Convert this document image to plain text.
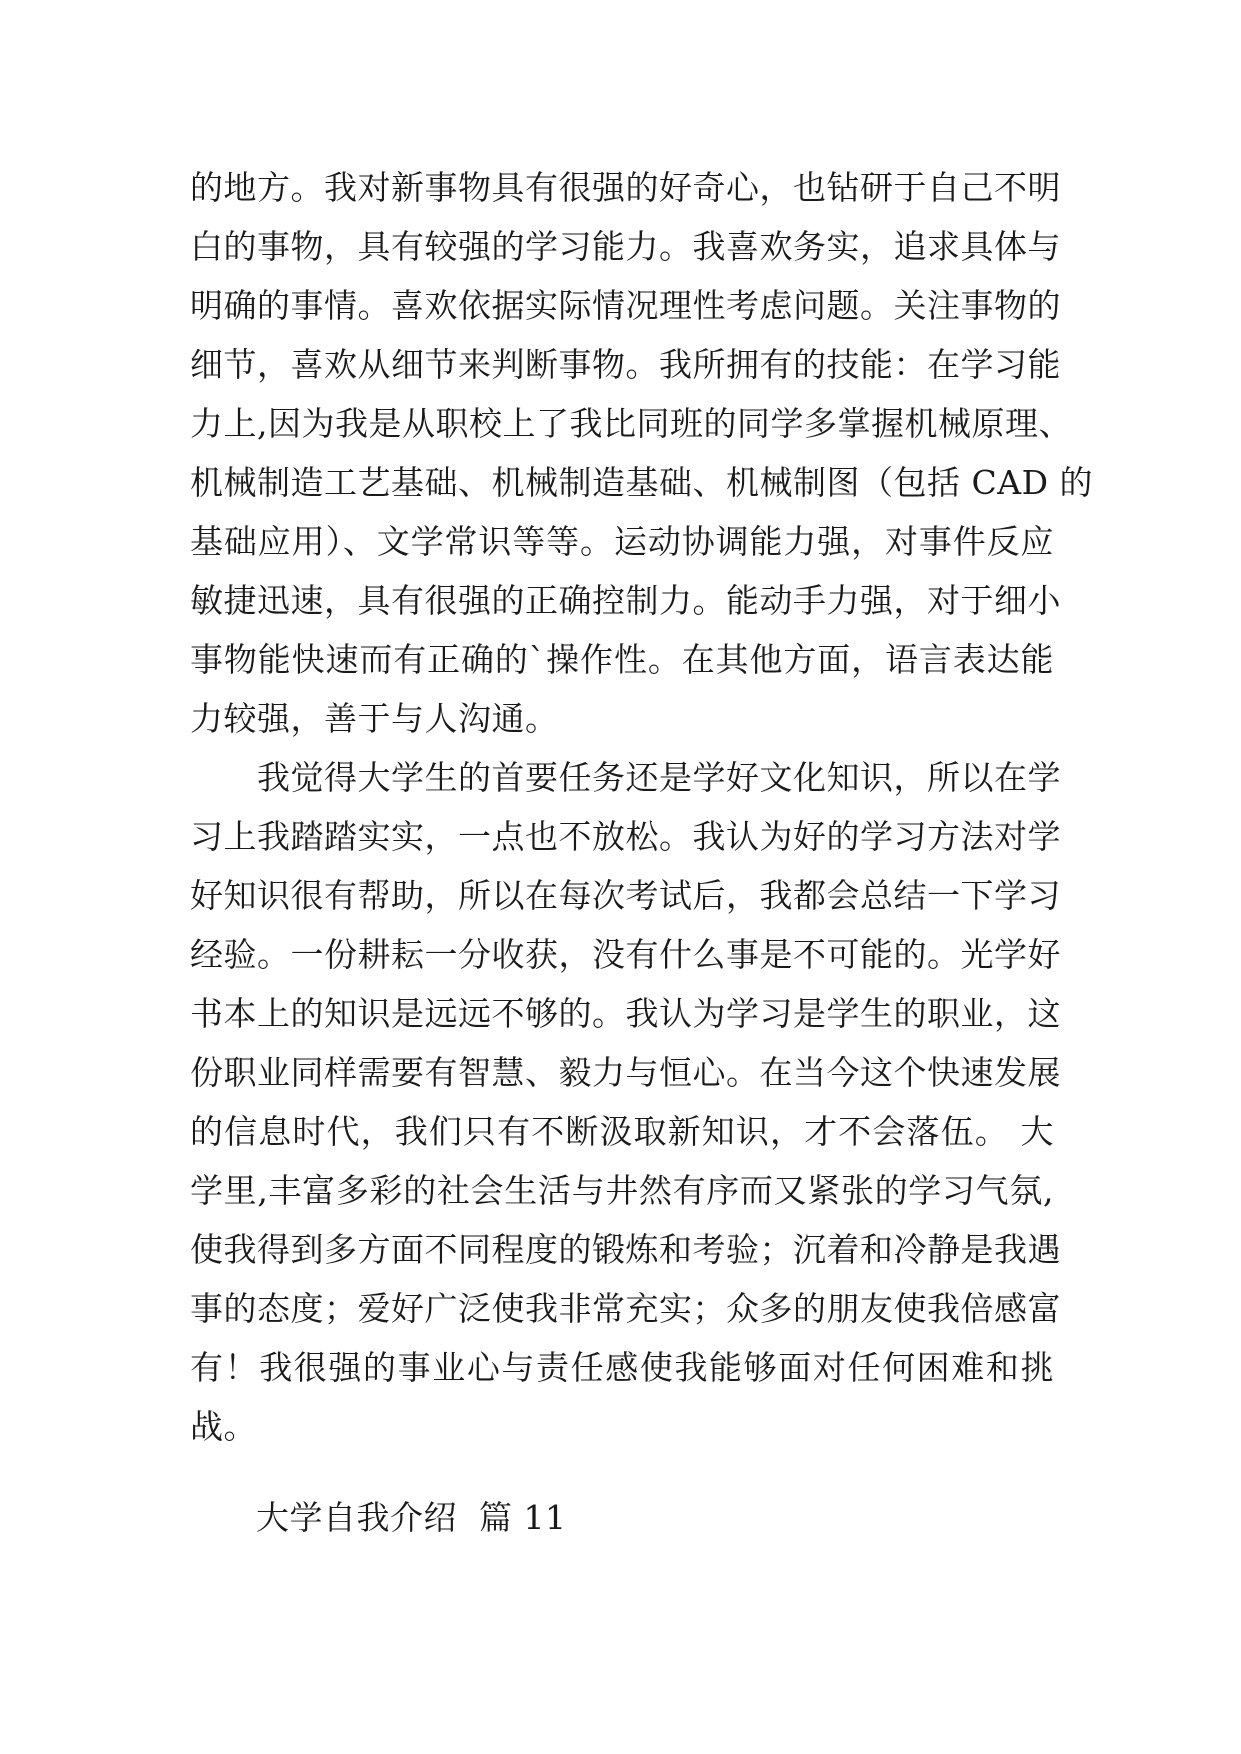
的地方。我对新事物具有很强的好奇心，也钻研于自己不明
白的事物，具有较强的学习能力。我喜欢务实，追求具体与
明确的事情。喜欢依据实际情况理性考虑问题。关注事物的
细节，喜欢从细节来判断事物。我所拥有的技能：在学习能
力上,因为我是从职校上了我比同班的同学多掌握机械原理、
机械制造工艺基础、机械制造基础、机械制图（包括 CAD 的
基础应用）、文学常识等等。运动协调能力强，对事件反应
敏捷迅速，具有很强的正确控制力。能动手力强，对于细小
事物能快速而有正确的`操作性。在其他方面，语言表达能
力较强，善于与人沟通。
　　我觉得大学生的首要任务还是学好文化知识，所以在学
习上我踏踏实实，一点也不放松。我认为好的学习方法对学
好知识很有帮助，所以在每次考试后，我都会总结一下学习
经验。一份耕耘一分收获，没有什么事是不可能的。光学好
书本上的知识是远远不够的。我认为学习是学生的职业，这
份职业同样需要有智慧、毅力与恒心。在当今这个快速发展
的信息时代，我们只有不断汲取新知识，才不会落伍。 大
学里,丰富多彩的社会生活与井然有序而又紧张的学习气氛,
使我得到多方面不同程度的锻炼和考验；沉着和冷静是我遇
事的态度；爱好广泛使我非常充实；众多的朋友使我倍感富
有！我很强的事业心与责任感使我能够面对任何困难和挑
战。
大学自我介绍  篇 11
